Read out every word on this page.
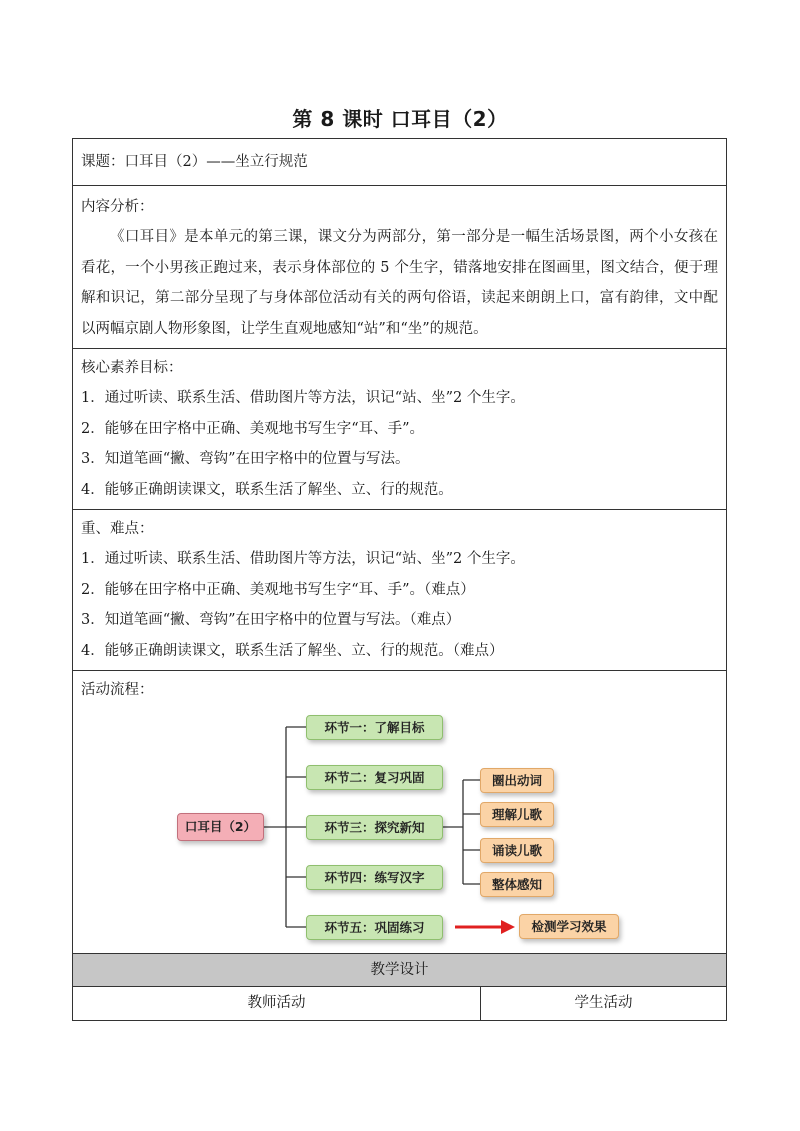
第 8 课时 口耳目（2）
课题：口耳目（2）——坐立行规范
内容分析：

《口耳目》是本单元的第三课，课文分为两部分，第一部分是一幅生活场景图，两个小女孩在看花，一个小男孩正跑过来，表示身体部位的 5 个生字，错落地安排在图画里，图文结合，便于理解和识记，第二部分呈现了与身体部位活动有关的两句俗语，读起来朗朗上口，富有韵律，文中配以两幅京剧人物形象图，让学生直观地感知“站”和“坐”的规范。

核心素养目标：
1．通过听读、联系生活、借助图片等方法，识记“站、坐”2 个生字。
2．能够在田字格中正确、美观地书写生字“耳、手”。
3．知道笔画“撇、弯钩”在田字格中的位置与写法。
4．能够正确朗读课文，联系生活了解坐、立、行的规范。
重、难点：
1．通过听读、联系生活、借助图片等方法，识记“站、坐”2 个生字。
2．能够在田字格中正确、美观地书写生字“耳、手”。（难点）
3．知道笔画“撇、弯钩”在田字格中的位置与写法。（难点）
4．能够正确朗读课文，联系生活了解坐、立、行的规范。（难点）
活动流程：
口耳目（2）
环节一：了解目标
环节二：复习巩固
环节三：探究新知
环节四：练写汉字
环节五：巩固练习
圈出动词
理解儿歌
诵读儿歌
整体感知
检测学习效果
教学设计
教师活动	学生活动
